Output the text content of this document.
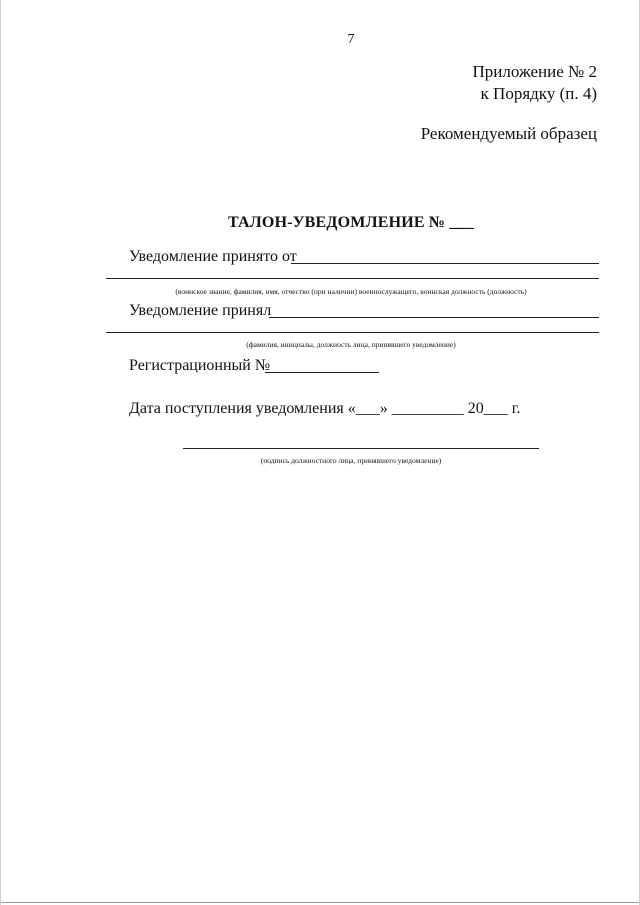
7
Приложение № 2
к Порядку (п. 4)
Рекомендуемый образец
ТАЛОН-УВЕДОМЛЕНИЕ № ___
Уведомление принято от
(воинское звание, фамилия, имя, отчество (при наличии) военнослужащего, воинская должность (должность)
Уведомление принял
(фамилия, инициалы, должность лица, принявшего уведомление)
Регистрационный №
Дата поступления уведомления «___» _________ 20___ г.
(подпись должностного лица, принявшего уведомление)
